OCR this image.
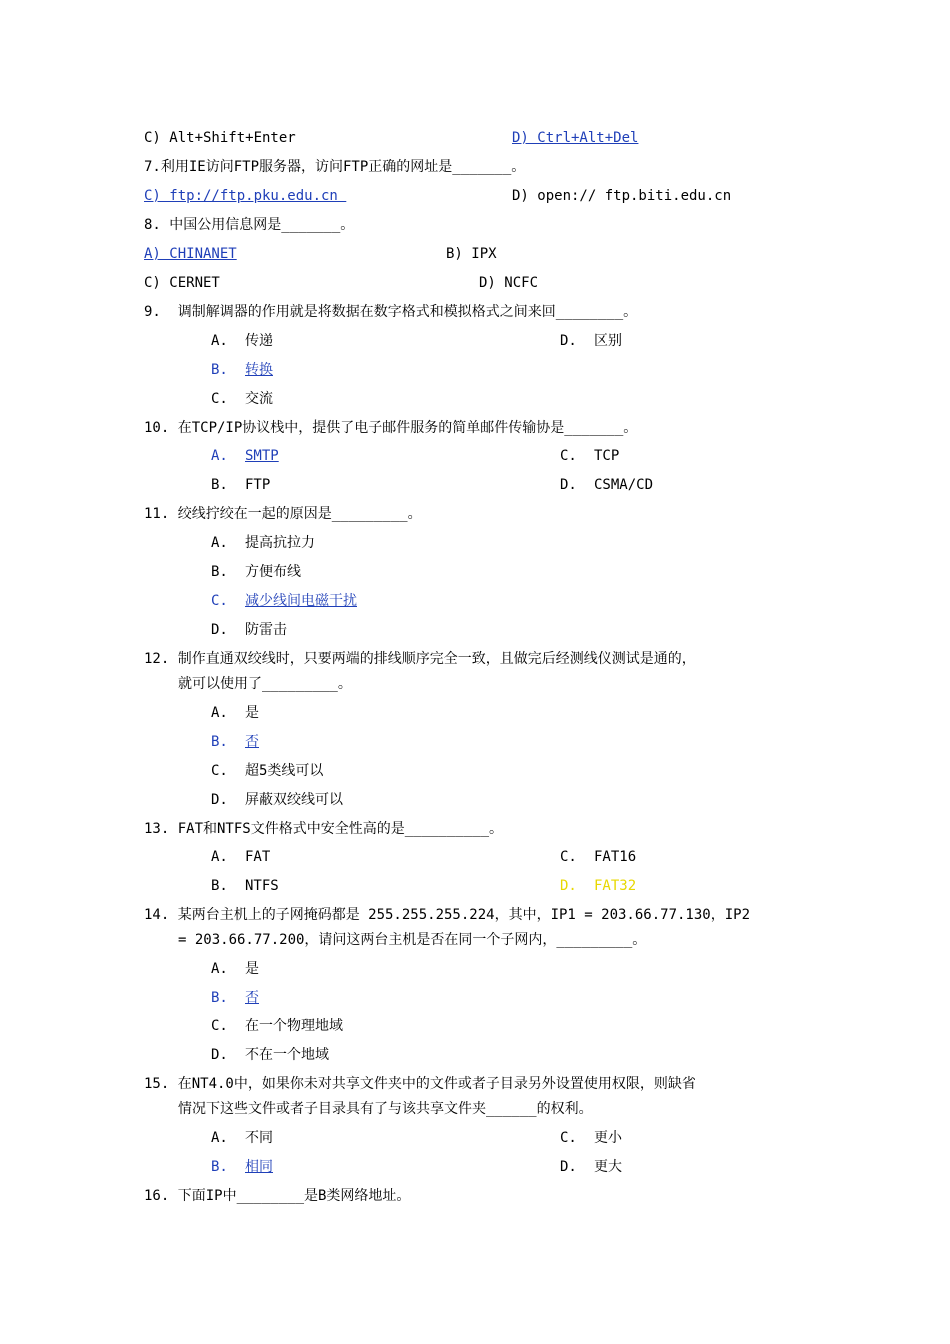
C) Alt+Shift+Enter	D) Ctrl+Alt+Del
7.利用IE访问FTP服务器，访问FTP正确的网址是_______。
C) ftp://ftp.pku.edu.cn	D) open:// ftp.biti.edu.cn
8. 中国公用信息网是_______。
A) CHINANET	B) IPX
C) CERNET	D) NCFC
9.  调制解调器的作用就是将数据在数字格式和模拟格式之间来回________。
A. 传递	D. 区别
B. 转换
C. 交流
10. 在TCP/IP协议栈中，提供了电子邮件服务的简单邮件传输协是_______。
A. SMTP	C. TCP
B. FTP	D. CSMA/CD
11. 绞线拧绞在一起的原因是_________。
A. 提高抗拉力
B. 方便布线
C. 减少线间电磁干扰
D. 防雷击
12. 制作直通双绞线时，只要两端的排线顺序完全一致，且做完后经测线仪测试是通的，
就可以使用了_________。
A. 是
B. 否
C. 超5类线可以
D. 屏蔽双绞线可以
13. FAT和NTFS文件格式中安全性高的是__________。
A. FAT	C. FAT16
B. NTFS	D. FAT32
14. 某两台主机上的子网掩码都是 255.255.255.224，其中，IP1 = 203.66.77.130，IP2
= 203.66.77.200，请问这两台主机是否在同一个子网内，_________。
A. 是
B. 否
C. 在一个物理地域
D. 不在一个地域
15. 在NT4.0中，如果你未对共享文件夹中的文件或者子目录另外设置使用权限，则缺省
情况下这些文件或者子目录具有了与该共享文件夹______的权利。
A. 不同	C. 更小
B. 相同	D. 更大
16. 下面IP中________是B类网络地址。
